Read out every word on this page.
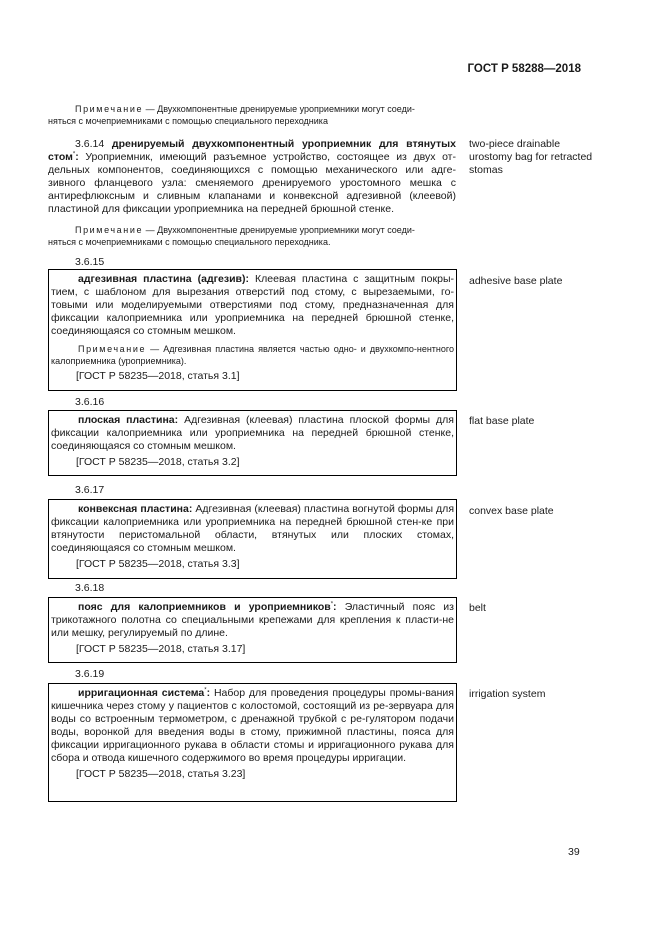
ГОСТ Р 58288—2018
Примечание — Двухкомпонентные дренируемые уроприемники могут соеди-
няться с мочеприемниками с помощью специального переходника
3.6.14 дренируемый двухкомпонентный уроприемник для втянутых стом*: Уроприемник, имеющий разъемное устройство, состоящее из двух от-дельных компонентов, соединяющихся с помощью механического или адге-зивного фланцевого узла: сменяемого дренируемого уростомного мешка с антирефлюксным и сливным клапанами и конвексной адгезивной (клеевой) пластиной для фиксации уроприемника на передней брюшной стенке.
two-piece drainable urostomy bag for retracted stomas
Примечание — Двухкомпонентные дренируемые уроприемники могут соеди-
няться с мочеприемниками с помощью специального переходника.
3.6.15

адгезивная пластина (адгезив): Клеевая пластина с защитным покры-тием, с шаблоном для вырезания отверстий под стому, с вырезаемыми, го-товыми или моделируемыми отверстиями под стому, предназначенная для фиксации калоприемника или уроприемника на передней брюшной стенке, соединяющаяся со стомным мешком.

Примечание — Адгезивная пластина является частью одно- и двухкомпо-нентного калоприемника (уроприемника).

[ГОСТ Р 58235—2018, статья 3.1]

adhesive base plate
3.6.16

плоская пластина: Адгезивная (клеевая) пластина плоской формы для фиксации калоприемника или уроприемника на передней брюшной стенке, соединяющаяся со стомным мешком.

[ГОСТ Р 58235—2018, статья 3.2]

flat base plate
3.6.17

конвексная пластина: Адгезивная (клеевая) пластина вогнутой формы для фиксации калоприемника или уроприемника на передней брюшной стен-ке при втянутости перистомальной области, втянутых или плоских стомах, соединяющаяся со стомным мешком.

[ГОСТ Р 58235—2018, статья 3.3]

convex base plate
3.6.18

пояс для калоприемников и уроприемников*: Эластичный пояс из трикотажного полотна со специальными крепежами для крепления к пласти-не или мешку, регулируемый по длине.

[ГОСТ Р 58235—2018, статья 3.17]

belt
3.6.19

ирригационная система*: Набор для проведения процедуры промы-вания кишечника через стому у пациентов с колостомой, состоящий из ре-зервуара для воды со встроенным термометром, с дренажной трубкой с ре-гулятором подачи воды, воронкой для введения воды в стому, прижимной пластины, пояса для фиксации ирригационного рукава в области стомы и ирригационного рукава для сбора и отвода кишечного содержимого во время процедуры ирригации.

[ГОСТ Р 58235—2018, статья 3.23]

irrigation system
39
